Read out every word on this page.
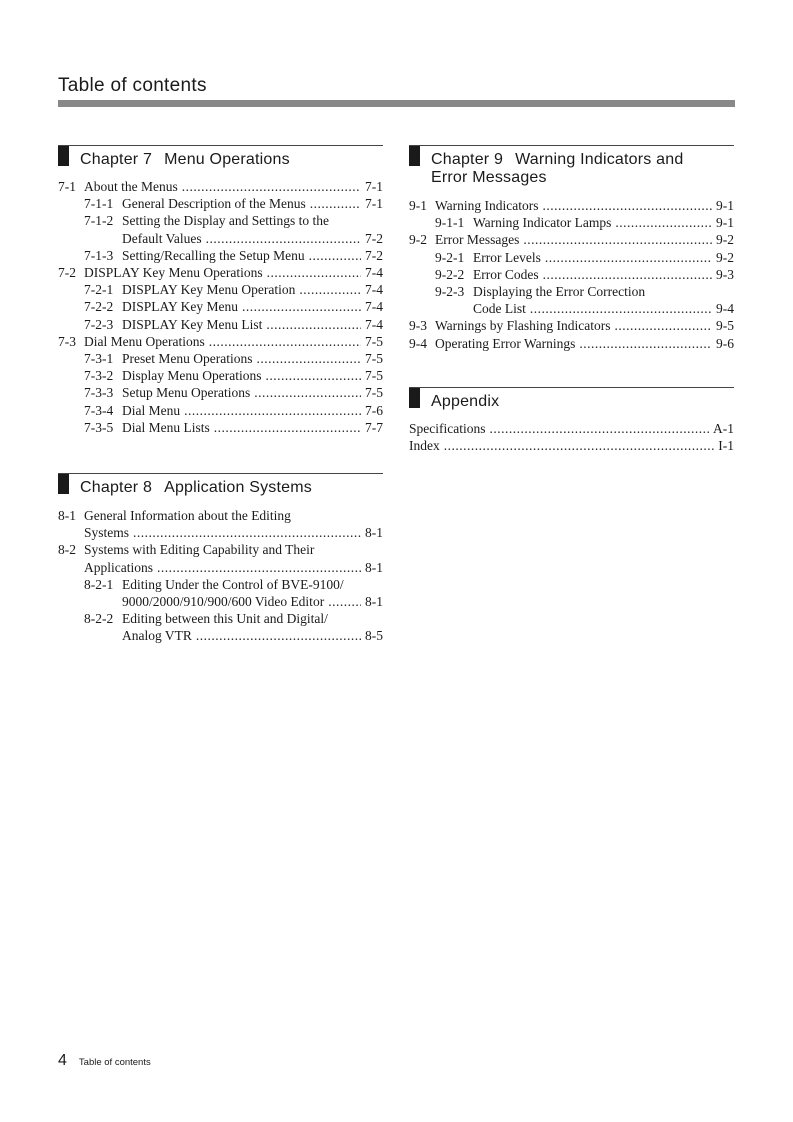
Table of contents
Chapter 7 Menu Operations
7-1 About the Menus .....	7-1
7-1-1 General Description of the Menus .....	7-1
7-1-2 Setting the Display and Settings to the
Default Values .....	7-2
7-1-3 Setting/Recalling the Setup Menu .....	7-2
7-2 DISPLAY Key Menu Operations .....	7-4
7-2-1 DISPLAY Key Menu Operation .....	7-4
7-2-2 DISPLAY Key Menu .....	7-4
7-2-3 DISPLAY Key Menu List .....	7-4
7-3 Dial Menu Operations .....	7-5
7-3-1 Preset Menu Operations .....	7-5
7-3-2 Display Menu Operations .....	7-5
7-3-3 Setup Menu Operations .....	7-5
7-3-4 Dial Menu .....	7-6
7-3-5 Dial Menu Lists .....	7-7
Chapter 8 Application Systems
8-1 General Information about the Editing
Systems .....	8-1
8-2 Systems with Editing Capability and Their
Applications .....	8-1
8-2-1 Editing Under the Control of BVE-9100/
9000/2000/910/900/600 Video Editor .....	8-1
8-2-2 Editing between this Unit and Digital/
Analog VTR .....	8-5
Chapter 9 Warning Indicators and
Error Messages
9-1 Warning Indicators .....	9-1
9-1-1 Warning Indicator Lamps .....	9-1
9-2 Error Messages .....	9-2
9-2-1 Error Levels .....	9-2
9-2-2 Error Codes .....	9-3
9-2-3 Displaying the Error Correction
Code List .....	9-4
9-3 Warnings by Flashing Indicators .....	9-5
9-4 Operating Error Warnings .....	9-6
Appendix
Specifications .....	A-1
Index .....	I-1
4 Table of contents
